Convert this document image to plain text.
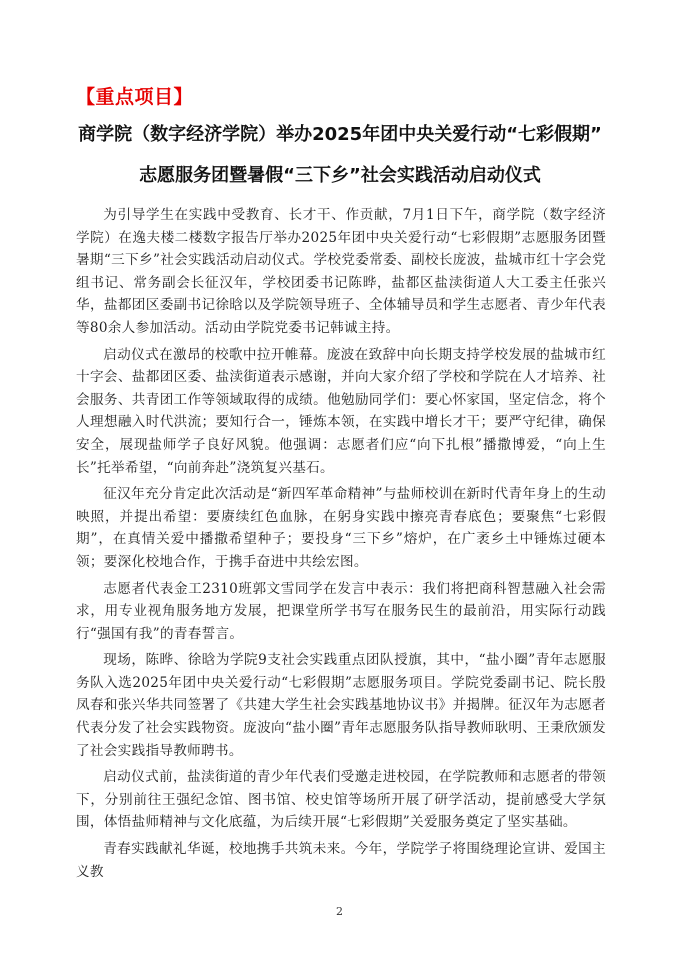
【重点项目】
商学院（数字经济学院）举办2025年团中央关爱行动“七彩假期”
志愿服务团暨暑假“三下乡”社会实践活动启动仪式

为引导学生在实践中受教育、长才干、作贡献，7月1日下午，商学院（数字经济学院）在逸夫楼二楼数字报告厅举办2025年团中央关爱行动“七彩假期”志愿服务团暨暑期“三下乡”社会实践活动启动仪式。学校党委常委、副校长庞波，盐城市红十字会党组书记、常务副会长征汉年，学校团委书记陈晔，盐都区盐渎街道人大工委主任张兴华，盐都团区委副书记徐晗以及学院领导班子、全体辅导员和学生志愿者、青少年代表等80余人参加活动。活动由学院党委书记韩诚主持。

启动仪式在激昂的校歌中拉开帷幕。庞波在致辞中向长期支持学校发展的盐城市红十字会、盐都团区委、盐渎街道表示感谢，并向大家介绍了学校和学院在人才培养、社会服务、共青团工作等领域取得的成绩。他勉励同学们：要心怀家国，坚定信念，将个人理想融入时代洪流；要知行合一，锤炼本领，在实践中增长才干；要严守纪律，确保安全，展现盐师学子良好风貌。他强调：志愿者们应“向下扎根”播撒博爱，“向上生长”托举希望，“向前奔赴”浇筑复兴基石。

征汉年充分肯定此次活动是“新四军革命精神”与盐师校训在新时代青年身上的生动映照，并提出希望：要赓续红色血脉，在躬身实践中擦亮青春底色；要聚焦“七彩假期”，在真情关爱中播撒希望种子；要投身“三下乡”熔炉，在广袤乡土中锤炼过硬本领；要深化校地合作，于携手奋进中共绘宏图。

志愿者代表金工2310班郭文雪同学在发言中表示：我们将把商科智慧融入社会需求，用专业视角服务地方发展，把课堂所学书写在服务民生的最前沿，用实际行动践行“强国有我”的青春誓言。

现场，陈晔、徐晗为学院9支社会实践重点团队授旗，其中，“盐小圈”青年志愿服务队入选2025年团中央关爱行动“七彩假期”志愿服务项目。学院党委副书记、院长殷凤春和张兴华共同签署了《共建大学生社会实践基地协议书》并揭牌。征汉年为志愿者代表分发了社会实践物资。庞波向“盐小圈”青年志愿服务队指导教师耿明、王秉欣颁发了社会实践指导教师聘书。

启动仪式前，盐渎街道的青少年代表们受邀走进校园，在学院教师和志愿者的带领下，分别前往王强纪念馆、图书馆、校史馆等场所开展了研学活动，提前感受大学氛围，体悟盐师精神与文化底蕴，为后续开展“七彩假期”关爱服务奠定了坚实基础。

青春实践献礼华诞，校地携手共筑未来。今年，学院学子将围绕理论宣讲、爱国主义教

2
